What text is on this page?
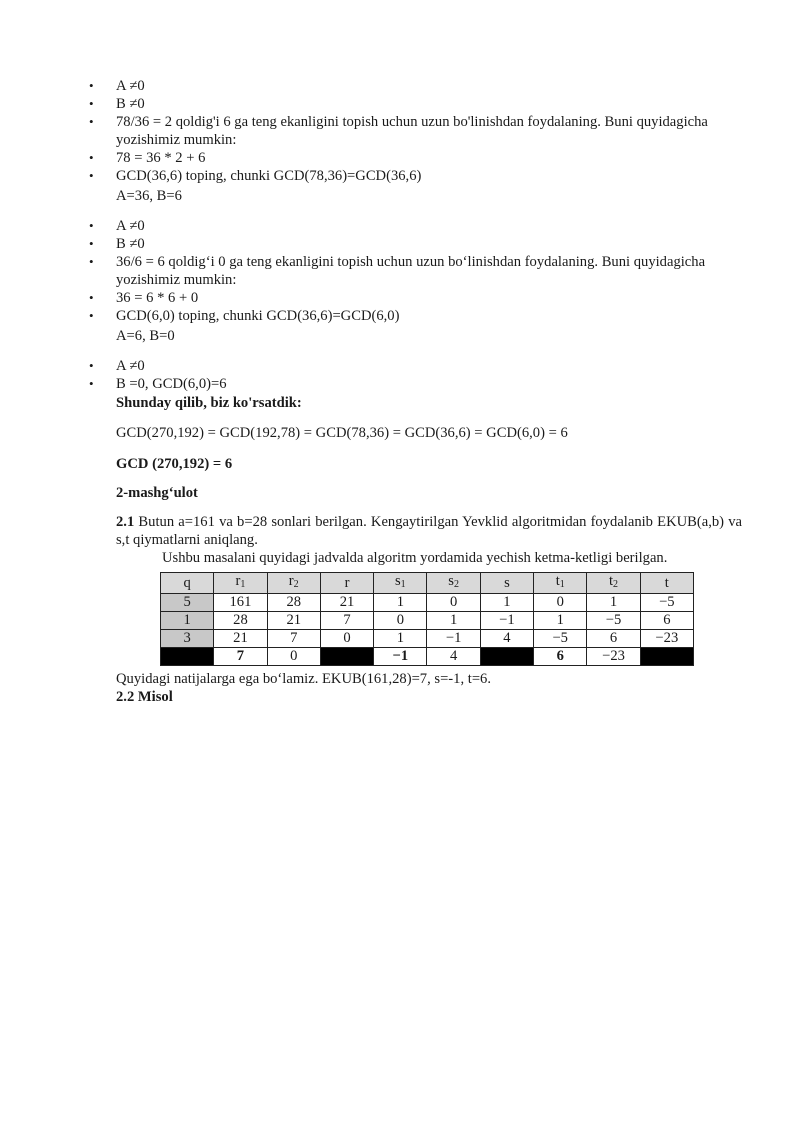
• A ≠0
• B ≠0
• 78/36 = 2 qoldig'i 6 ga teng ekanligini topish uchun uzun bo'linishdan foydalaning. Buni quyidagicha yozishimiz mumkin:
• 78 = 36 * 2 + 6
• GCD(36,6) toping, chunki GCD(78,36)=GCD(36,6)
A=36, B=6
• A ≠0
• B ≠0
• 36/6 = 6 qoldig‘i 0 ga teng ekanligini topish uchun uzun bo‘linishdan foydalaning. Buni quyidagicha yozishimiz mumkin:
• 36 = 6 * 6 + 0
• GCD(6,0) toping, chunki GCD(36,6)=GCD(6,0)
A=6, B=0
• A ≠0
• B =0, GCD(6,0)=6
Shunday qilib, biz ko'rsatdik:
GCD(270,192) = GCD(192,78) = GCD(78,36) = GCD(36,6) = GCD(6,0) = 6
GCD (270,192) = 6
2-mashg‘ulot
2.1 Butun a=161 va b=28 sonlari berilgan. Kengaytirilgan Yevklid algoritmidan foydalanib EKUB(a,b) va s,t qiymatlarni aniqlang.
Ushbu masalani quyidagi jadvalda algoritm yordamida yechish ketma-ketligi berilgan.
q	$r_1$	$r_2$	r	$s_1$	$s_2$	s	$t_1$	$t_2$	t
5	161	28	21	1	0	1	0	1	−5
1	28	21	7	0	1	−1	1	−5	6
3	21	7	0	1	−1	4	−5	6	−23
	7	0		−1	4		6	−23	
Quyidagi natijalarga ega bo‘lamiz. EKUB(161,28)=7, s=-1, t=6.
2.2 Misol
